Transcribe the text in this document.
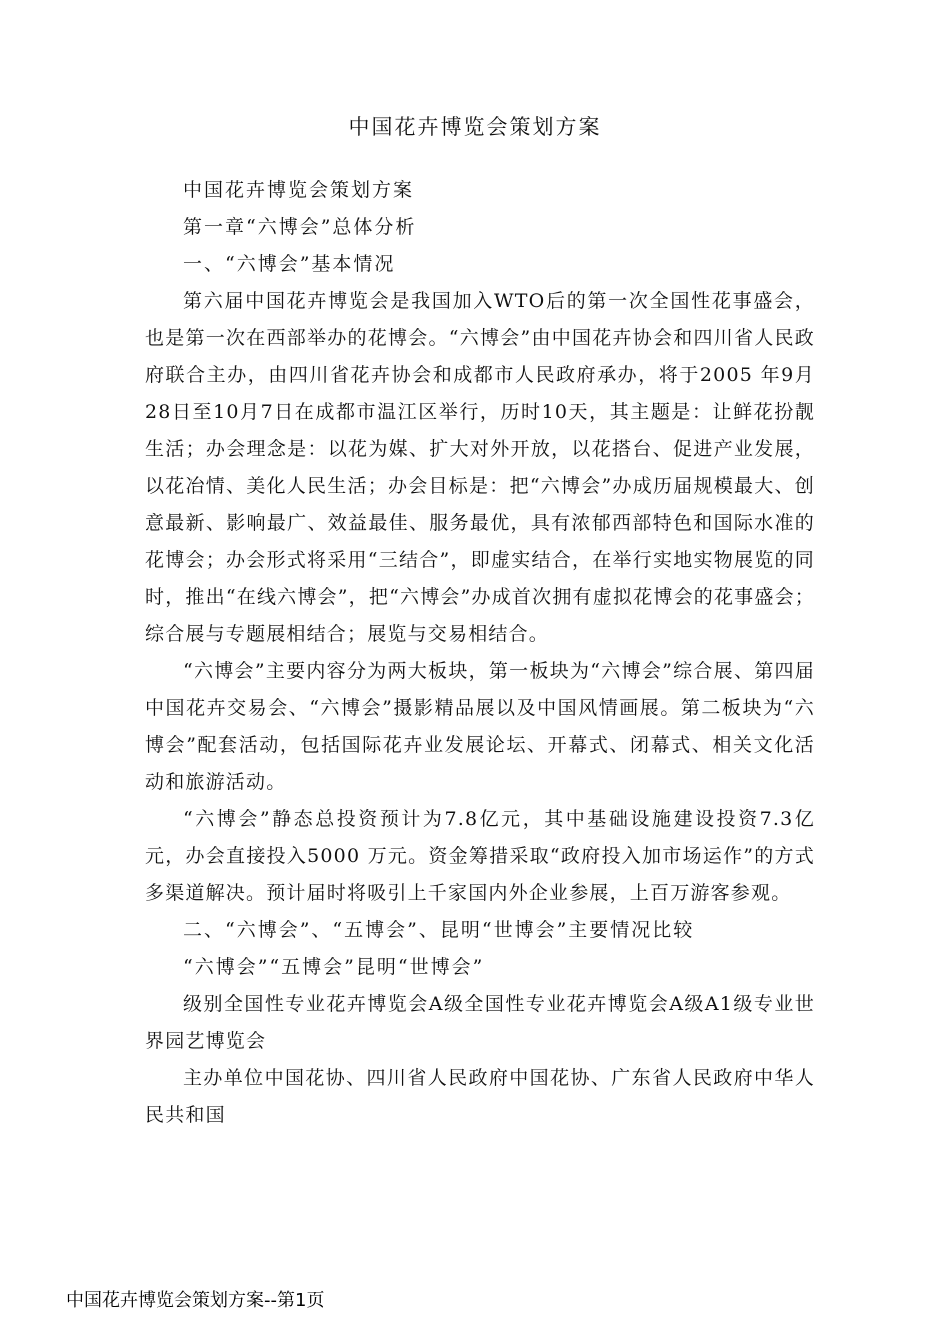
中国花卉博览会策划方案

中国花卉博览会策划方案

第一章“六博会”总体分析

一、“六博会”基本情况

第六届中国花卉博览会是我国加入WTO后的第一次全国性花事盛会，也是第一次在西部举办的花博会。“六博会”由中国花卉协会和四川省人民政府联合主办，由四川省花卉协会和成都市人民政府承办，将于2005 年9月28日至10月7日在成都市温江区举行，历时10天，其主题是：让鲜花扮靓生活；办会理念是：以花为媒、扩大对外开放，以花搭台、促进产业发展，以花冶情、美化人民生活；办会目标是：把“六博会”办成历届规模最大、创意最新、影响最广、效益最佳、服务最优，具有浓郁西部特色和国际水准的花博会；办会形式将采用“三结合”，即虚实结合，在举行实地实物展览的同时，推出“在线六博会”，把“六博会”办成首次拥有虚拟花博会的花事盛会；综合展与专题展相结合；展览与交易相结合。

“六博会”主要内容分为两大板块，第一板块为“六博会”综合展、第四届中国花卉交易会、“六博会”摄影精品展以及中国风情画展。第二板块为“六博会”配套活动，包括国际花卉业发展论坛、开幕式、闭幕式、相关文化活动和旅游活动。

“六博会”静态总投资预计为7.8亿元，其中基础设施建设投资7.3亿元，办会直接投入5000 万元。资金筹措采取“政府投入加市场运作”的方式多渠道解决。预计届时将吸引上千家国内外企业参展，上百万游客参观。

二、“六博会”、“五博会”、昆明“世博会”主要情况比较

“六博会”“五博会”昆明“世博会”

级别全国性专业花卉博览会A级全国性专业花卉博览会A级A1级专业世界园艺博览会

主办单位中国花协、四川省人民政府中国花协、广东省人民政府中华人民共和国

中国花卉博览会策划方案--第1页
